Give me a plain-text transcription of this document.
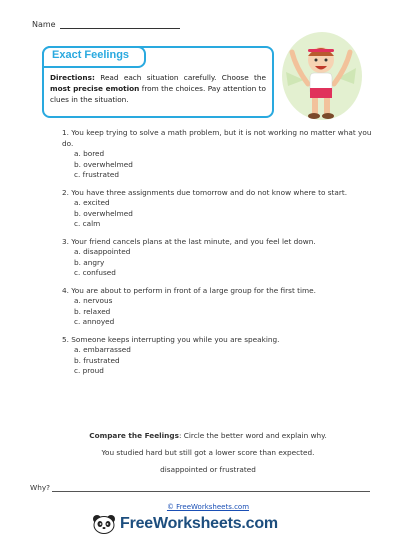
Name
Exact Feelings
Directions: Read each situation carefully. Choose the most precise emotion from the choices. Pay attention to clues in the situation.
1. You keep trying to solve a math problem, but it is not working no matter what you do.
a. bored
b. overwhelmed
c. frustrated
2. You have three assignments due tomorrow and do not know where to start.
a. excited
b. overwhelmed
c. calm
3. Your friend cancels plans at the last minute, and you feel let down.
a. disappointed
b. angry
c. confused
4. You are about to perform in front of a large group for the first time.
a. nervous
b. relaxed
c. annoyed
5. Someone keeps interrupting you while you are speaking.
a. embarrassed
b. frustrated
c. proud
Compare the Feelings: Circle the better word and explain why.
You studied hard but still got a lower score than expected.
disappointed or frustrated
Why?
© FreeWorksheets.com
FreeWorksheets.com
